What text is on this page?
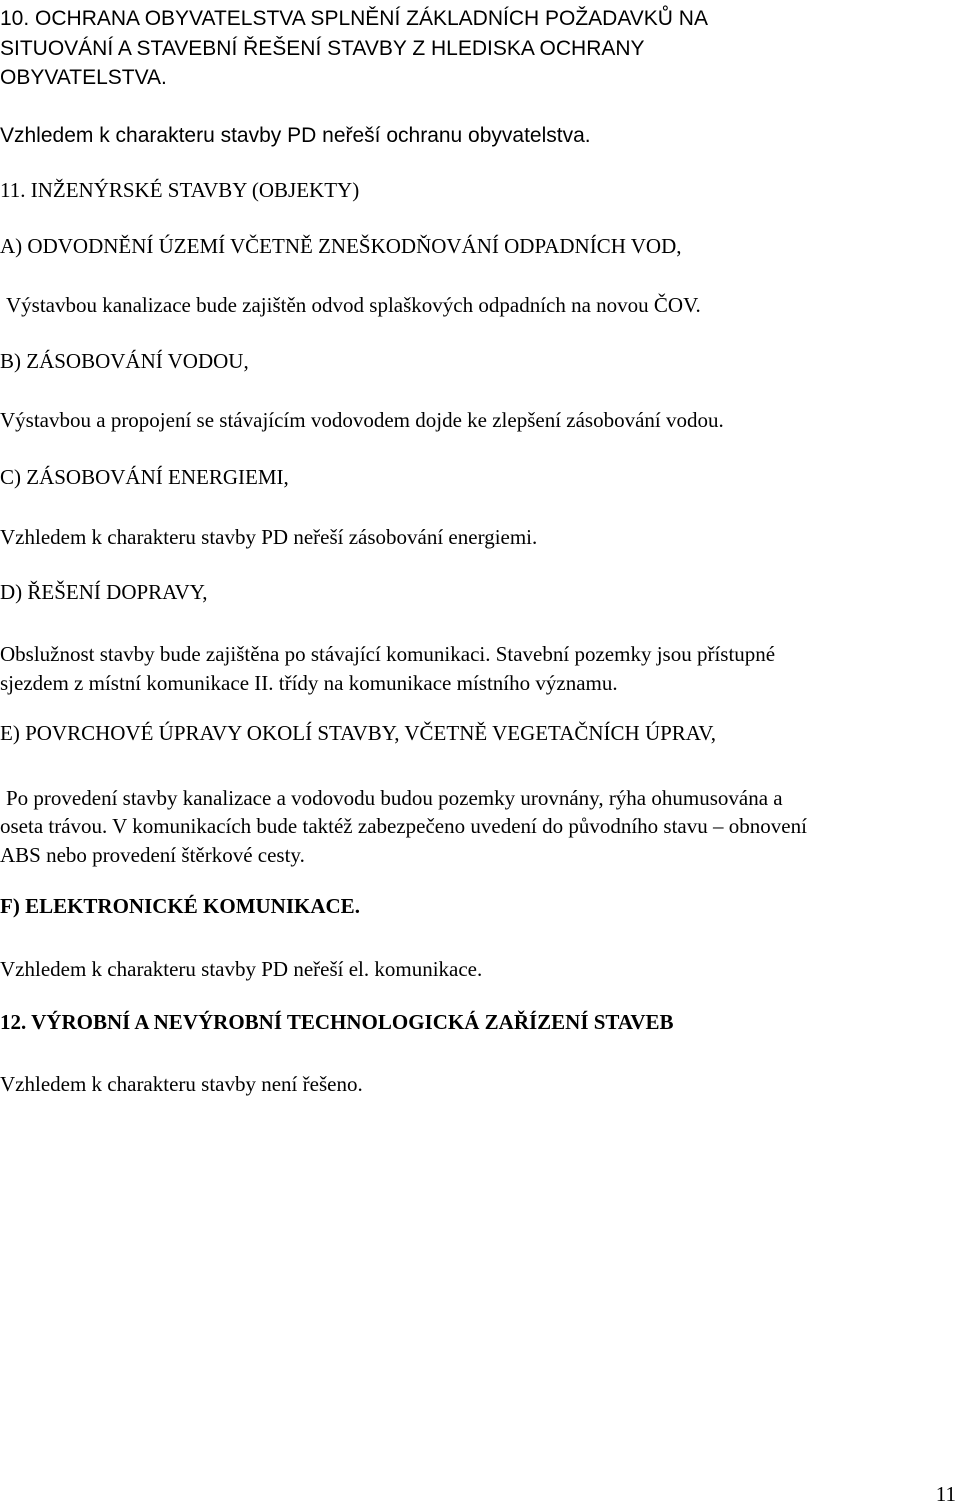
10. OCHRANA OBYVATELSTVA SPLNĚNÍ ZÁKLADNÍCH POŽADAVKŮ NA

SITUOVÁNÍ A STAVEBNÍ ŘEŠENÍ STAVBY Z HLEDISKA OCHRANY

OBYVATELSTVA.

Vzhledem k charakteru stavby PD neřeší ochranu obyvatelstva.

11. INŽENÝRSKÉ STAVBY (OBJEKTY)

A) ODVODNĚNÍ ÚZEMÍ VČETNĚ ZNEŠKODŇOVÁNÍ ODPADNÍCH VOD,

Výstavbou kanalizace bude zajištěn odvod splaškových odpadních na novou ČOV.

B) ZÁSOBOVÁNÍ VODOU,

Výstavbou a propojení se stávajícím vodovodem dojde ke zlepšení zásobování vodou.

C) ZÁSOBOVÁNÍ ENERGIEMI,

Vzhledem k charakteru stavby PD neřeší zásobování energiemi.

D) ŘEŠENÍ DOPRAVY,

Obslužnost stavby bude zajištěna po stávající komunikaci. Stavební pozemky jsou přístupné

sjezdem z místní komunikace II. třídy na komunikace místního významu.

E) POVRCHOVÉ ÚPRAVY OKOLÍ STAVBY, VČETNĚ VEGETAČNÍCH ÚPRAV,

Po provedení stavby kanalizace a vodovodu budou pozemky urovnány, rýha ohumusována a

oseta trávou. V komunikacích bude taktéž zabezpečeno uvedení do původního stavu – obnovení

ABS nebo provedení štěrkové cesty.

F) ELEKTRONICKÉ KOMUNIKACE.

Vzhledem k charakteru stavby PD neřeší el. komunikace.

12. VÝROBNÍ A NEVÝROBNÍ TECHNOLOGICKÁ ZAŘÍZENÍ STAVEB

Vzhledem k charakteru stavby není řešeno.

11
